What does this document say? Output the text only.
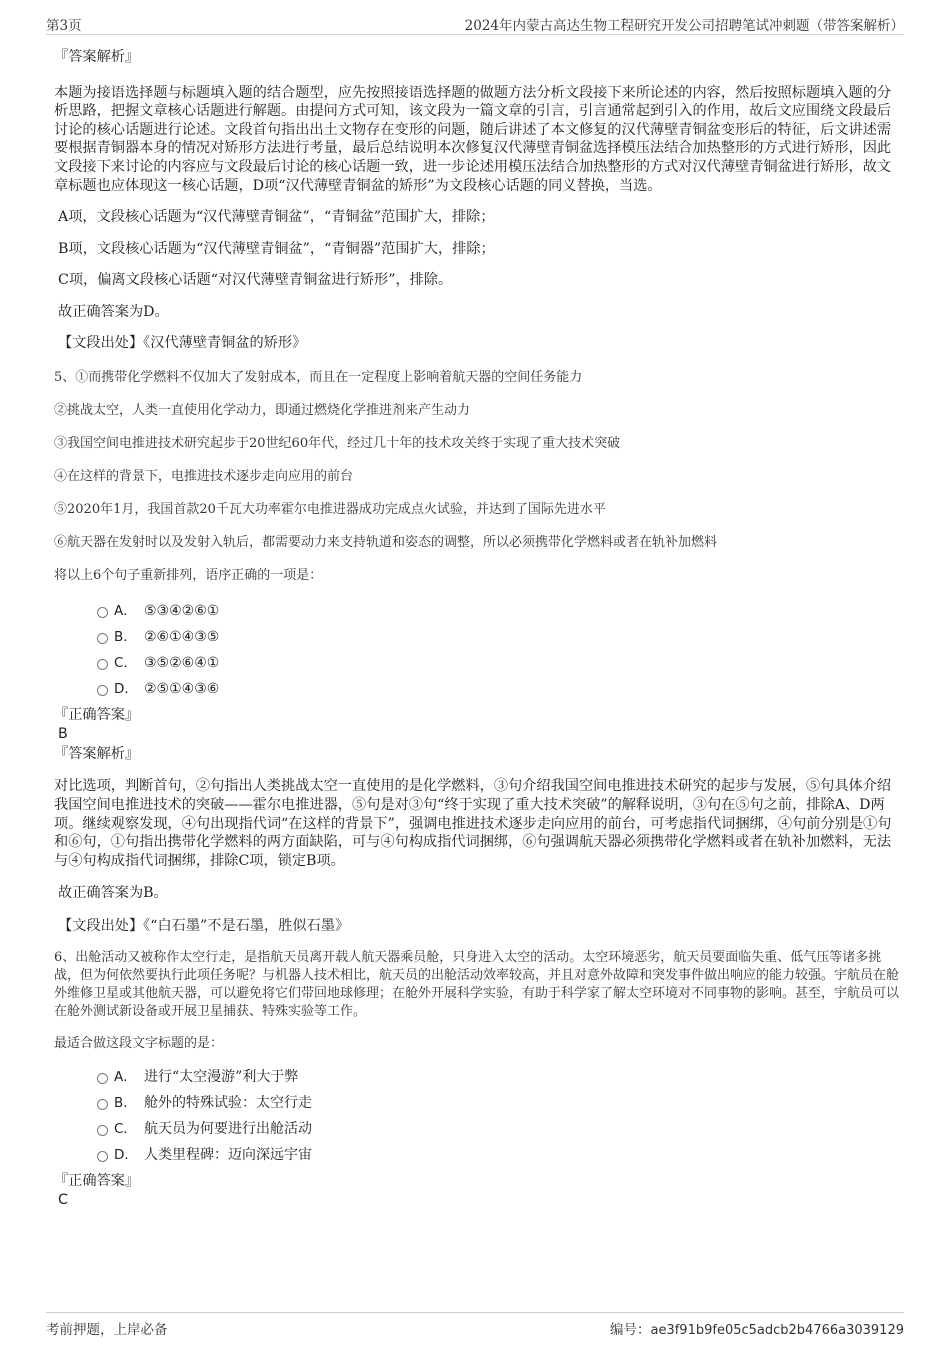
第3页	2024年内蒙古高达生物工程研究开发公司招聘笔试冲刺题（带答案解析）

『答案解析』

本题为接语选择题与标题填入题的结合题型，应先按照接语选择题的做题方法分析文段接下来所论述的内容，然后按照标题填入题的分析思路，把握文章核心话题进行解题。由提问方式可知，该文段为一篇文章的引言，引言通常起到引入的作用，故后文应围绕文段最后讨论的核心话题进行论述。文段首句指出出土文物存在变形的问题，随后讲述了本文修复的汉代薄壁青铜盆变形后的特征，后文讲述需要根据青铜器本身的情况对矫形方法进行考量，最后总结说明本次修复汉代薄壁青铜盆选择模压法结合加热整形的方式进行矫形，因此文段接下来讨论的内容应与文段最后讨论的核心话题一致，进一步论述用模压法结合加热整形的方式对汉代薄壁青铜盆进行矫形，故文章标题也应体现这一核心话题，D项“汉代薄壁青铜盆的矫形”为文段核心话题的同义替换，当选。

A项，文段核心话题为“汉代薄壁青铜盆”，“青铜盆”范围扩大，排除；

B项，文段核心话题为“汉代薄壁青铜盆”，“青铜器”范围扩大，排除；

C项，偏离文段核心话题“对汉代薄壁青铜盆进行矫形”，排除。

故正确答案为D。

【文段出处】《汉代薄壁青铜盆的矫形》

5、①而携带化学燃料不仅加大了发射成本，而且在一定程度上影响着航天器的空间任务能力

②挑战太空，人类一直使用化学动力，即通过燃烧化学推进剂来产生动力

③我国空间电推进技术研究起步于20世纪60年代，经过几十年的技术攻关终于实现了重大技术突破

④在这样的背景下，电推进技术逐步走向应用的前台

⑤2020年1月，我国首款20千瓦大功率霍尔电推进器成功完成点火试验，并达到了国际先进水平

⑥航天器在发射时以及发射入轨后，都需要动力来支持轨道和姿态的调整，所以必须携带化学燃料或者在轨补加燃料

将以上6个句子重新排列，语序正确的一项是：

A． ⑤③④②⑥①
B． ②⑥①④③⑤
C． ③⑤②⑥④①
D． ②⑤①④③⑥

『正确答案』

B

『答案解析』

对比选项，判断首句，②句指出人类挑战太空一直使用的是化学燃料，③句介绍我国空间电推进技术研究的起步与发展，⑤句具体介绍我国空间电推进技术的突破——霍尔电推进器，⑤句是对③句“终于实现了重大技术突破”的解释说明，③句在⑤句之前，排除A、D两项。继续观察发现，④句出现指代词“在这样的背景下”，强调电推进技术逐步走向应用的前台，可考虑指代词捆绑，④句前分别是①句和⑥句，①句指出携带化学燃料的两方面缺陷，可与④句构成指代词捆绑，⑥句强调航天器必须携带化学燃料或者在轨补加燃料，无法与④句构成指代词捆绑，排除C项，锁定B项。

故正确答案为B。

【文段出处】《“白石墨”不是石墨，胜似石墨》

6、出舱活动又被称作太空行走，是指航天员离开载人航天器乘员舱，只身进入太空的活动。太空环境恶劣，航天员要面临失重、低气压等诸多挑战，但为何依然要执行此项任务呢？与机器人技术相比，航天员的出舱活动效率较高，并且对意外故障和突发事件做出响应的能力较强。宇航员在舱外维修卫星或其他航天器，可以避免将它们带回地球修理；在舱外开展科学实验，有助于科学家了解太空环境对不同事物的影响。甚至，宇航员可以在舱外测试新设备或开展卫星捕获、特殊实验等工作。

最适合做这段文字标题的是：

A． 进行“太空漫游”利大于弊
B． 舱外的特殊试验：太空行走
C． 航天员为何要进行出舱活动
D． 人类里程碑：迈向深远宇宙

『正确答案』

C

考前押题，上岸必备	编号：ae3f91b9fe05c5adcb2b4766a3039129
